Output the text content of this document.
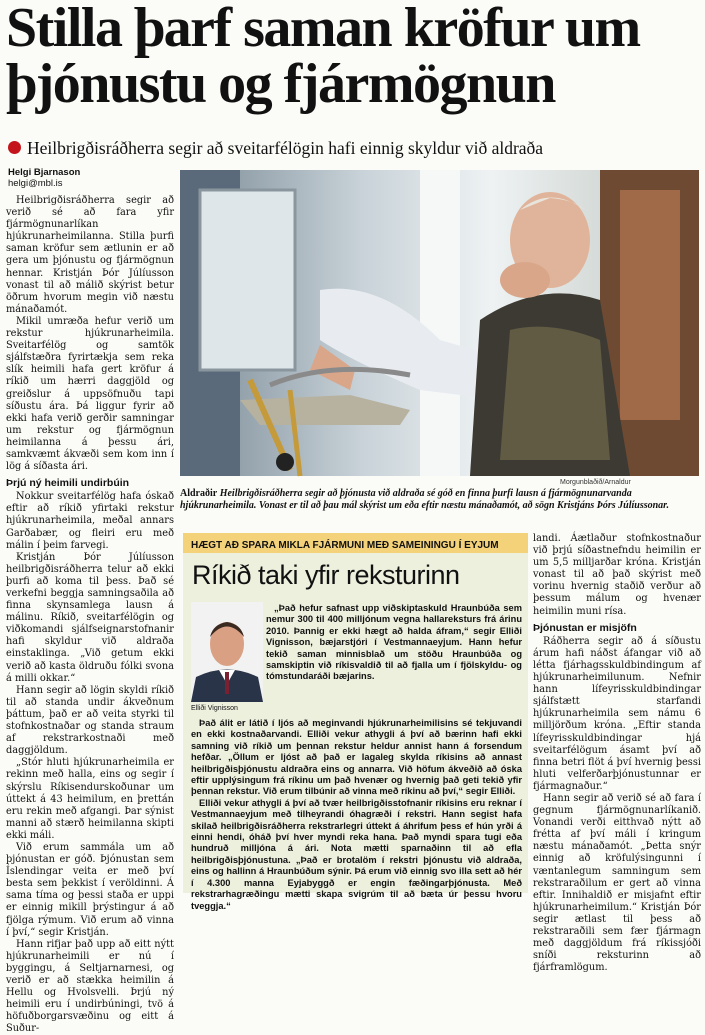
Stilla þarf saman kröfur um þjónustu og fjármögnun
Heilbrigðisráðherra segir að sveitarfélögin hafi einnig skyldur við aldraða
Helgi Bjarnason
helgi@mbl.is

Heilbrigðisráðherra segir að verið sé að fara yfir fjármögnunarlíkan hjúkrunarheimilanna. Stilla þurfi saman kröfur sem ætlunin er að gera um þjónustu og fjármögnun hennar. Kristján Þór Júlíusson vonast til að málið skýrist betur öðrum hvorum megin við næstu mánaðamót.

Mikil umræða hefur verið um rekstur hjúkrunarheimila. Sveitarfélög og samtök sjálfstæðra fyrirtækja sem reka slík heimili hafa gert kröfur á ríkið um hærri daggjöld og greiðslur á uppsöfnuðu tapi síðustu ára. Þá liggur fyrir að ekki hafa verið gerðir samningar um rekstur og fjármögnun heimilanna á þessu ári, samkvæmt ákvæði sem kom inn í lög á síðasta ári.

Þrjú ný heimili undirbúin

Nokkur sveitarfélög hafa óskað eftir að ríkið yfirtaki rekstur hjúkrunarheimila, meðal annars Garðabær, og fleiri eru með málin í þeim farvegi.

Kristján Þór Júlíusson heilbrigðisráðherra telur að ekki þurfi að koma til þess. Það sé verkefni beggja samningsaðila að finna skynsamlega lausn á málinu. Ríkið, sveitarfélögin og viðkomandi sjálfseignarstofnanir hafi skyldur við aldraða einstaklinga. „Við getum ekki verið að kasta öldruðu fólki svona á milli okkar.“

Hann segir að lögin skyldi ríkið til að standa undir ákveðnum þáttum, það er að veita styrki til stofnkostnaðar og standa straum af rekstrarkostnaði með daggjöldum.

„Stór hluti hjúkrunarheimila er rekinn með halla, eins og segir í skýrslu Ríkisendurskoðunar um úttekt á 43 heimilum, en þrettán eru rekin með afgangi. Þar sýnist manni að stærð heimilanna skipti ekki máli.

Við erum sammála um að þjónustan er góð. Þjónustan sem Íslendingar veita er með því besta sem þekkist í veröldinni. Á sama tíma og þessi staða er uppi er einnig mikill þrýstingur á að fjölga rýmum. Við erum að vinna í því,“ segir Kristján.

Hann rifjar það upp að eitt nýtt hjúkrunarheimili er nú í byggingu, á Seltjarnarnesi, og verið er að stækka heimilin á Hellu og Hvolsvelli. Þrjú ný heimili eru í undirbúningi, tvö á höfuðborgarsvæðinu og eitt á Suður-

Morgunblaðið/Arnaldur
Aldraðir Heilbrigðisráðherra segir að þjónusta við aldraða sé góð en finna þurfi lausn á fjármögnunarvanda hjúkrunarheimila. Vonast er til að þau mál skýrist um eða eftir næstu mánaðamót, að sögn Kristjáns Þórs Júlíussonar.
HÆGT AÐ SPARA MIKLA FJÁRMUNI MEÐ SAMEININGU Í EYJUM
Ríkið taki yfir reksturinn
Elliði Vignisson

„Það hefur safnast upp viðskiptaskuld Hraunbúða sem nemur 300 til 400 milljónum vegna hallareksturs frá árinu 2010. Þannig er ekki hægt að halda áfram,“ segir Elliði Vignisson, bæjarstjóri í Vestmannaeyjum. Hann hefur tekið saman minnisblað um stöðu Hraunbúða og samskiptin við ríkisvaldið til að fjalla um í fjölskyldu- og tómstundaráði bæjarins.

Það álit er látið í ljós að meginvandi hjúkrunarheimilisins sé tekjuvandi en ekki kostnaðarvandi. Elliði vekur athygli á því að bærinn hafi ekki samning við ríkið um þennan rekstur heldur annist hann á forsendum hefðar. „Öllum er ljóst að það er lagaleg skylda ríkisins að annast heilbrigðisþjónustu aldraðra eins og annarra. Við höfum ákveðið að óska eftir upplýsingum frá ríkinu um það hvenær og hvernig það geti tekið yfir þennan rekstur. Við erum tilbúnir að vinna með ríkinu að því,“ segir Elliði.

Elliði vekur athygli á því að tvær heilbrigðisstofnanir ríkisins eru reknar í Vestmannaeyjum með tilheyrandi óhagræði í rekstri. Hann segist hafa skilað heilbrigðisráðherra rekstrarlegri úttekt á áhrifum þess ef hún yrði á einni hendi, óháð því hver myndi reka hana. Það myndi spara tugi eða hundruð milljóna á ári. Nota mætti sparnaðinn til að efla heilbrigðisþjónustuna. „Það er brotalöm í rekstri þjónustu við aldraða, eins og hallinn á Hraunbúðum sýnir. Þá erum við einnig svo illa sett að hér í 4.300 manna Eyjabyggð er engin fæðingarþjónusta. Með rekstrarhagræðingu mætti skapa svigrúm til að bæta úr þessu hvoru tveggja.“

landi. Áætlaður stofnkostnaður við þrjú síðastnefndu heimilin er um 5,5 milljarðar króna. Kristján vonast til að það skýrist með vorinu hvernig staðið verður að þessum málum og hvenær heimilin muni rísa.

Þjónustan er misjöfn

Ráðherra segir að á síðustu árum hafi náðst áfangar við að létta fjárhagsskuldbindingum af hjúkrunarheimilunum. Nefnir hann lífeyrisskuldbindingar sjálfstætt starfandi hjúkrunarheimila sem námu 6 milljörðum króna. „Eftir standa lífeyrisskuldbindingar hjá sveitarfélögum ásamt því að finna betri flöt á því hvernig þessi hluti velferðarþjónustunnar er fjármagnaður.“

Hann segir að verið sé að fara í gegnum fjármögnunarlíkanið. Vonandi verði eitthvað nýtt að frétta af því máli í kringum næstu mánaðamót. „Þetta snýr einnig að kröfulýsingunni í væntanlegum samningum sem rekstraraðilum er gert að vinna eftir. Innihaldið er misjafnt eftir hjúkrunarheimilum.“ Kristján Þór segir ætlast til þess að rekstraraðili sem fær fjármagn með daggjöldum frá ríkissjóði sníði reksturinn að fjárframlögum.
